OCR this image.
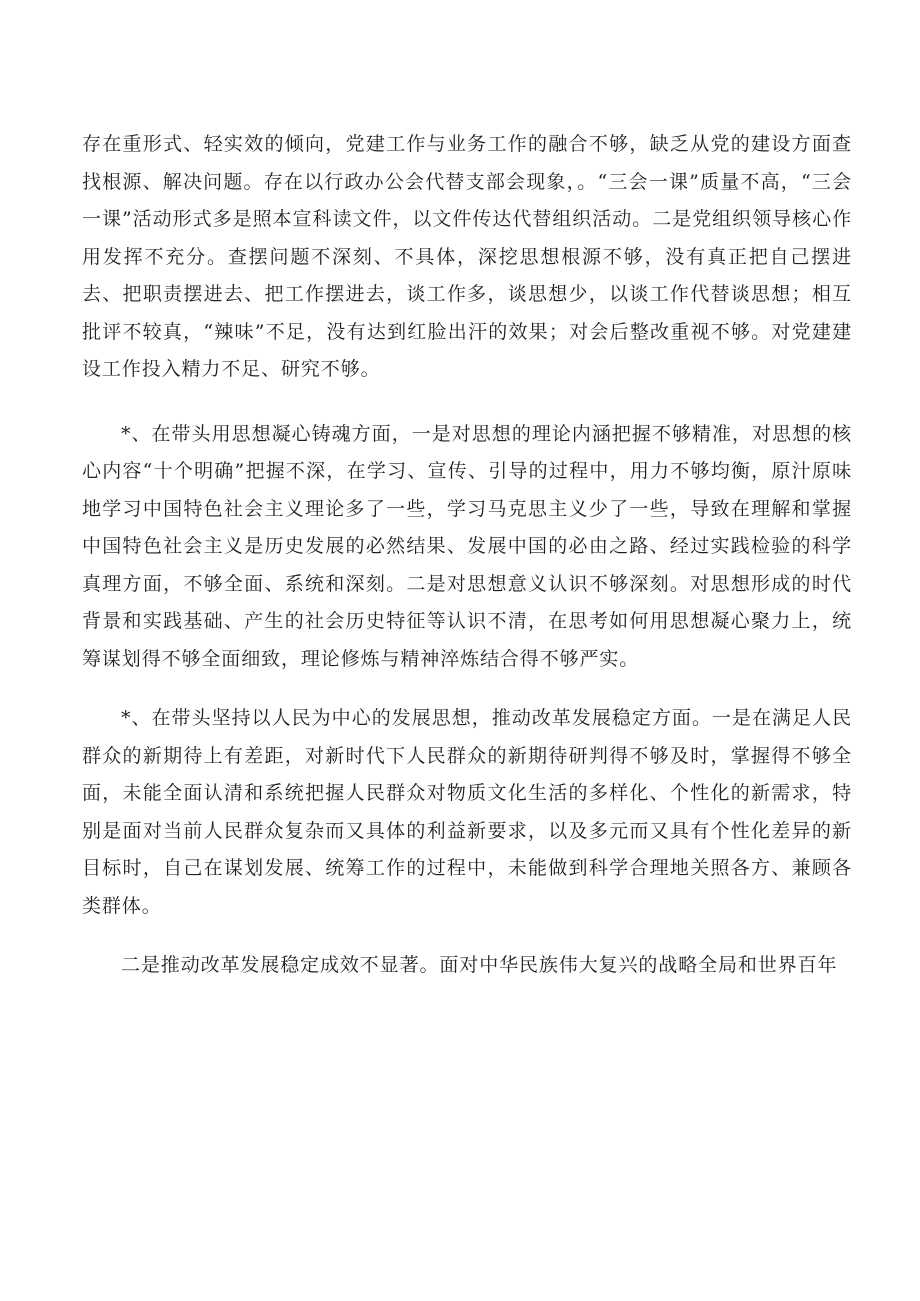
存在重形式、轻实效的倾向，党建工作与业务工作的融合不够，缺乏从党的建设方面查找根源、解决问题。存在以行政办公会代替支部会现象，。“三会一课”质量不高，“三会一课”活动形式多是照本宣科读文件，以文件传达代替组织活动。二是党组织领导核心作用发挥不充分。查摆问题不深刻、不具体，深挖思想根源不够，没有真正把自己摆进去、把职责摆进去、把工作摆进去，谈工作多，谈思想少，以谈工作代替谈思想；相互批评不较真，“辣味”不足，没有达到红脸出汗的效果；对会后整改重视不够。对党建建设工作投入精力不足、研究不够。

*、在带头用思想凝心铸魂方面，一是对思想的理论内涵把握不够精准，对思想的核心内容“十个明确”把握不深，在学习、宣传、引导的过程中，用力不够均衡，原汁原味地学习中国特色社会主义理论多了一些，学习马克思主义少了一些，导致在理解和掌握中国特色社会主义是历史发展的必然结果、发展中国的必由之路、经过实践检验的科学真理方面，不够全面、系统和深刻。二是对思想意义认识不够深刻。对思想形成的时代背景和实践基础、产生的社会历史特征等认识不清，在思考如何用思想凝心聚力上，统筹谋划得不够全面细致，理论修炼与精神淬炼结合得不够严实。

*、在带头坚持以人民为中心的发展思想，推动改革发展稳定方面。一是在满足人民群众的新期待上有差距，对新时代下人民群众的新期待研判得不够及时，掌握得不够全面，未能全面认清和系统把握人民群众对物质文化生活的多样化、个性化的新需求，特别是面对当前人民群众复杂而又具体的利益新要求，以及多元而又具有个性化差异的新目标时，自己在谋划发展、统筹工作的过程中，未能做到科学合理地关照各方、兼顾各类群体。

二是推动改革发展稳定成效不显著。面对中华民族伟大复兴的战略全局和世界百年
